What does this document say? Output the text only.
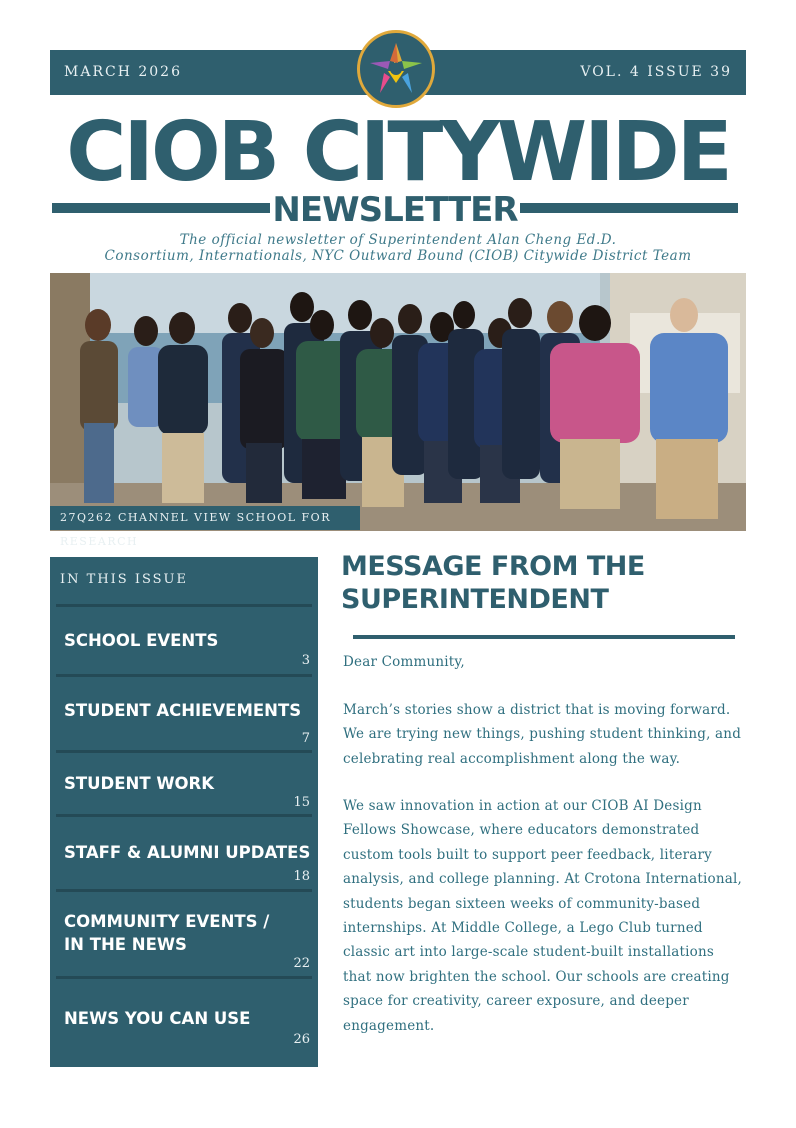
MARCH 2026	VOL. 4 ISSUE 39
CIOB CITYWIDE
NEWSLETTER
The official newsletter of Superintendent Alan Cheng Ed.D.
Consortium, Internationals, NYC Outward Bound (CIOB) Citywide District Team
27Q262 CHANNEL VIEW SCHOOL FOR RESEARCH
IN THIS ISSUE
SCHOOL EVENTS
3
STUDENT ACHIEVEMENTS
7
STUDENT WORK
15
STAFF & ALUMNI UPDATES
18
COMMUNITY EVENTS /
IN THE NEWS
22
NEWS YOU CAN USE
26
MESSAGE FROM THE
SUPERINTENDENT

Dear Community,

March’s stories show a district that is moving forward. We are trying new things, pushing student thinking, and celebrating real accomplishment along the way.

We saw innovation in action at our CIOB AI Design Fellows Showcase, where educators demonstrated custom tools built to support peer feedback, literary analysis, and college planning. At Crotona International, students began sixteen weeks of community-based internships. At Middle College, a Lego Club turned classic art into large-scale student-built installations that now brighten the school. Our schools are creating space for creativity, career exposure, and deeper engagement.
